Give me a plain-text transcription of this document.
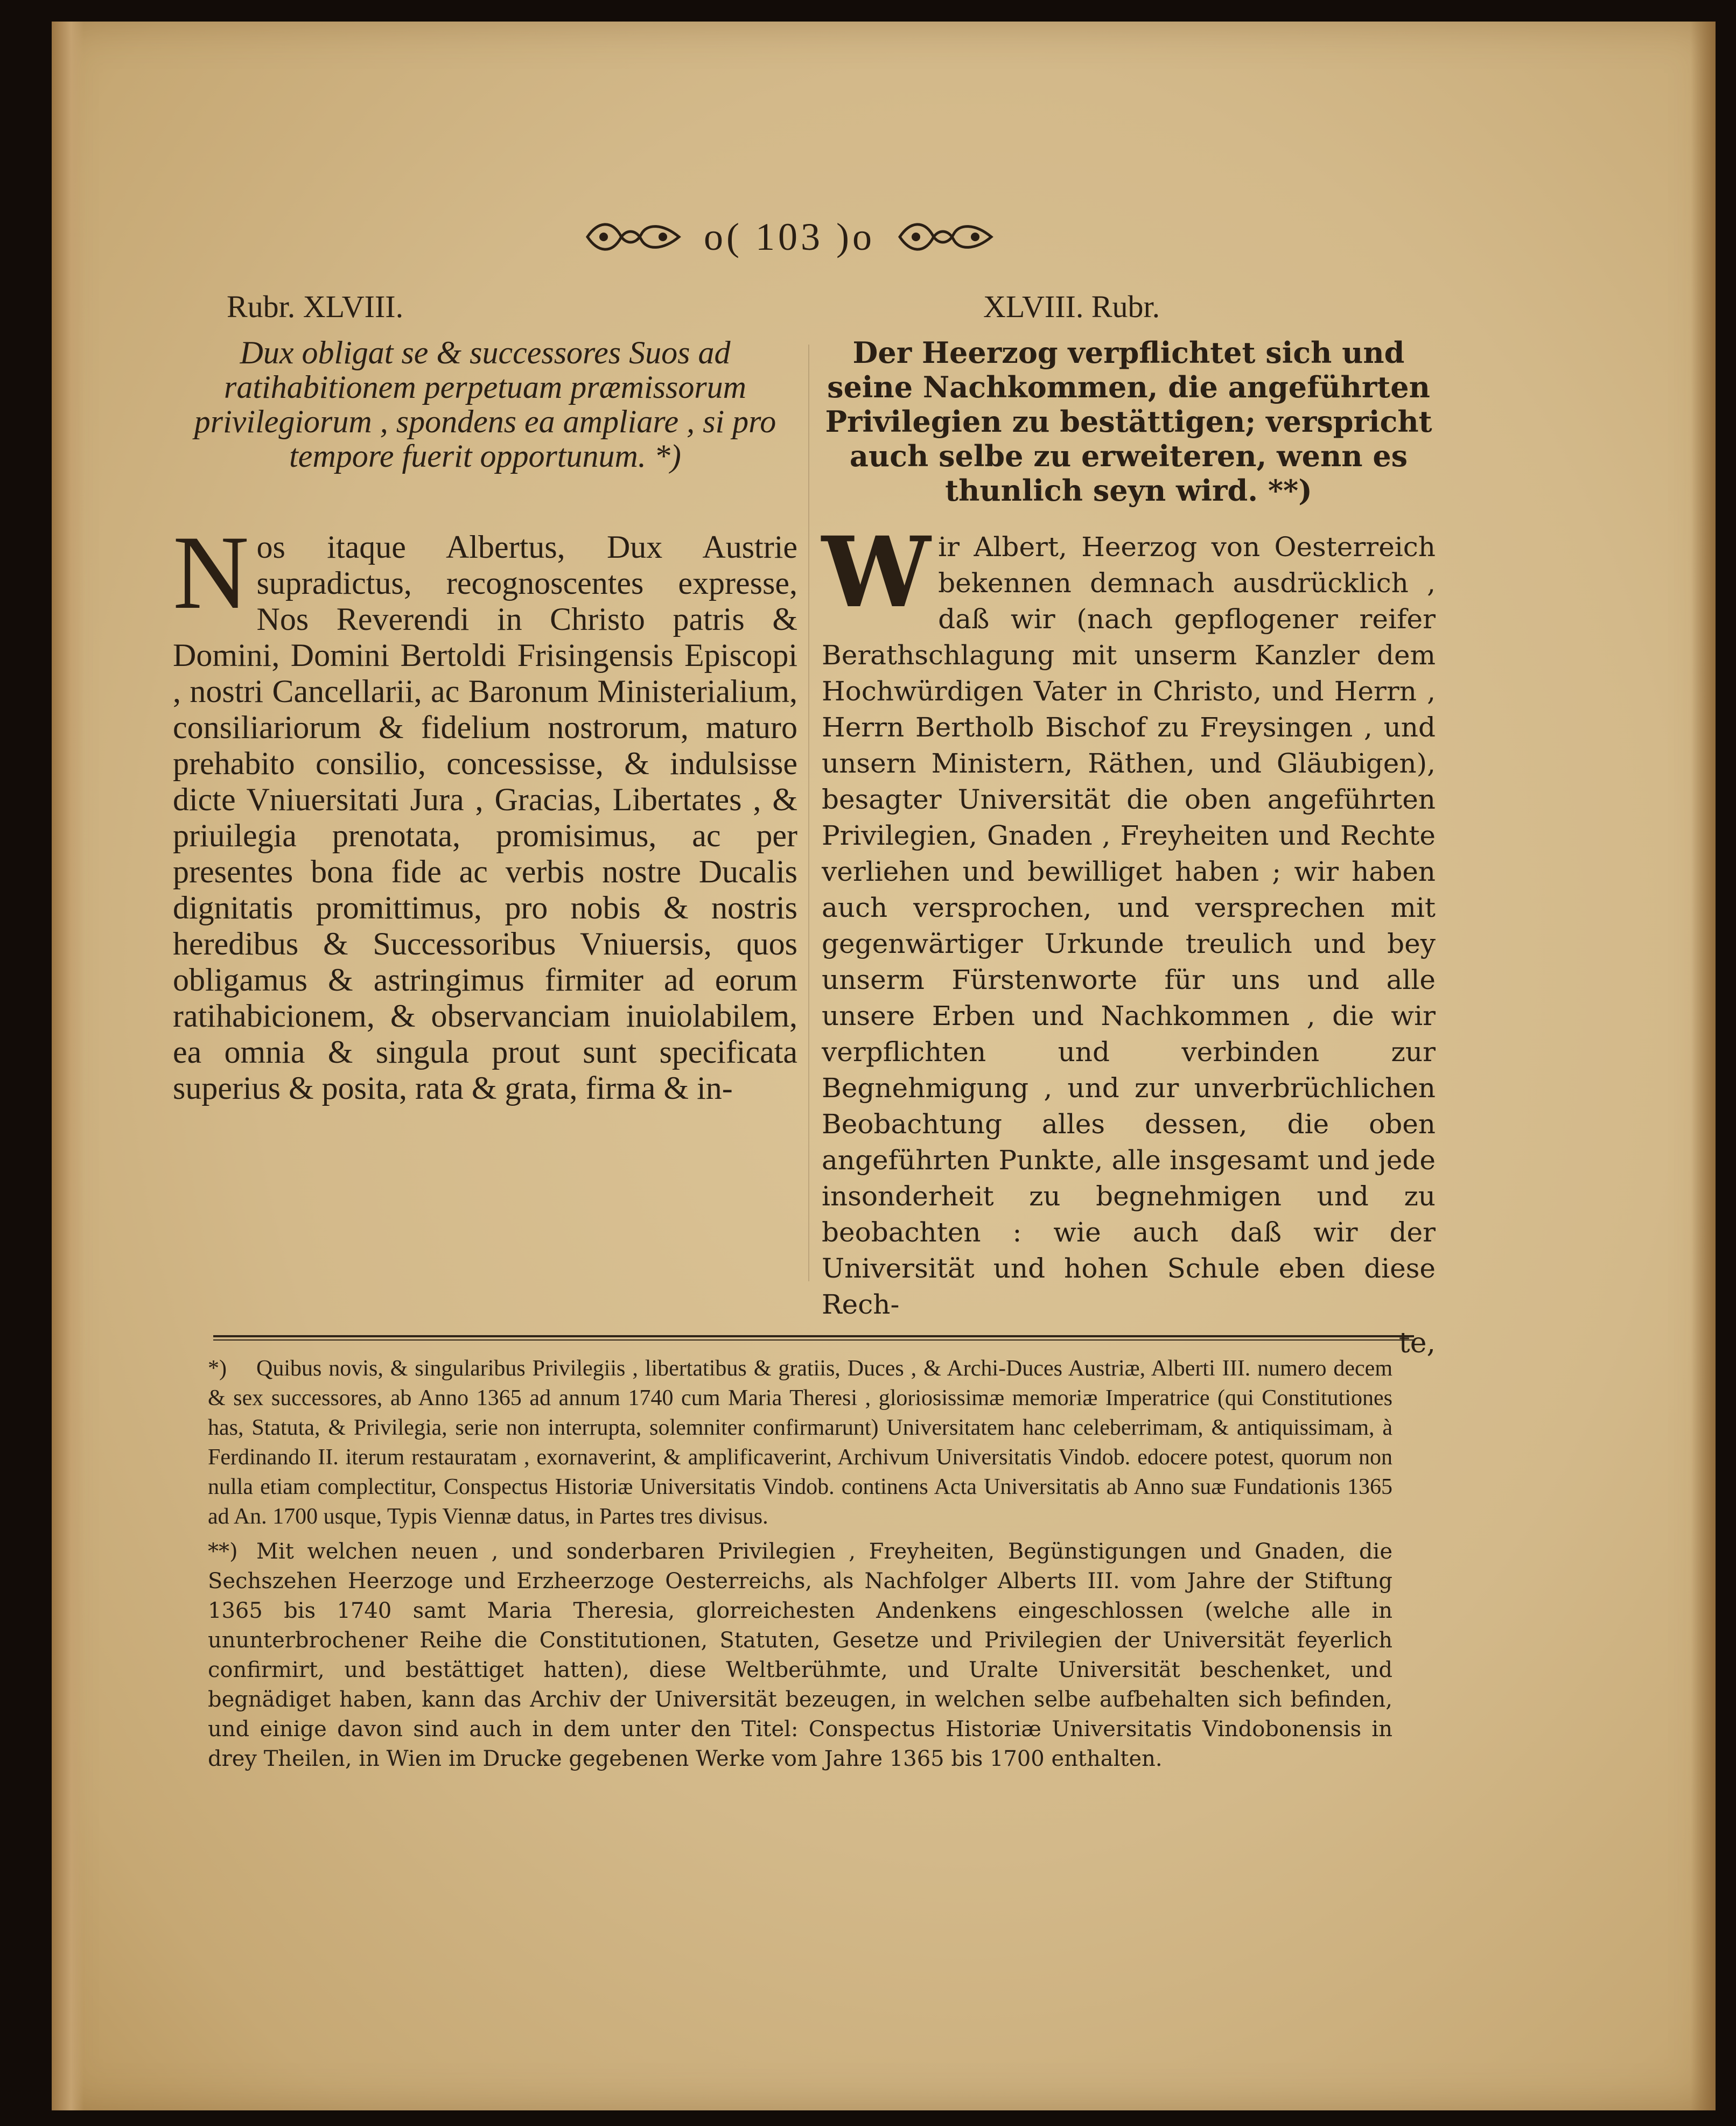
o( 103 )o

Rubr. XLVIII.

Dux obligat se & successores Suos ad ratihabitionem perpetuam præmissorum privilegiorum , spondens ea ampliare , si pro tempore fuerit opportunum. *)

Nos itaque Albertus, Dux Austrie supradictus, recognoscentes expresse, Nos Reverendi in Christo patris & Domini, Domini Bertoldi Frisingensis Episcopi , nostri Cancellarii, ac Baronum Ministerialium, consiliariorum & fidelium nostrorum, maturo prehabito consilio, concessisse, & indulsisse dicte Vniuersitati Jura , Gracias, Libertates , & priuilegia prenotata, promisimus, ac per presentes bona fide ac verbis nostre Ducalis dignitatis promittimus, pro nobis & nostris heredibus & Successoribus Vniuersis, quos obligamus & astringimus firmiter ad eorum ratihabicionem, & observanciam inuiolabilem, ea omnia & singula prout sunt specificata superius & posita, rata & grata, firma & in-

XLVIII. Rubr.

Der Heerzog verpflichtet sich und seine Nachkommen, die angeführten Privilegien zu bestättigen; verspricht auch selbe zu erweiteren, wenn es thunlich seyn wird. **)

Wir Albert, Heerzog von Oesterreich bekennen demnach ausdrücklich , daß wir (nach gepflogener reifer Berathschlagung mit unserm Kanzler dem Hochwürdigen Vater in Christo, und Herrn , Herrn Bertholb Bischof zu Freysingen , und unsern Ministern, Räthen, und Gläubigen), besagter Universität die oben angeführten Privilegien, Gnaden , Freyheiten und Rechte verliehen und bewilliget haben ; wir haben auch versprochen, und versprechen mit gegenwärtiger Urkunde treulich und bey unserm Fürstenworte für uns und alle unsere Erben und Nachkommen , die wir verpflichten und verbinden zur Begnehmigung , und zur unverbrüchlichen Beobachtung alles dessen, die oben angeführten Punkte, alle insgesamt und jede insonderheit zu begnehmigen und zu beobachten : wie auch daß wir der Universität und hohen Schule eben diese Rech-

te,

*) Quibus novis, & singularibus Privilegiis , libertatibus & gratiis, Duces , & Archi-Duces Austriæ, Alberti III. numero decem & sex successores, ab Anno 1365 ad annum 1740 cum Maria Theresi , gloriosissimæ memoriæ Imperatrice (qui Constitutiones has, Statuta, & Privilegia, serie non interrupta, solemniter confirmarunt) Universitatem hanc celeberrimam, & antiquissimam, à Ferdinando II. iterum restauratam , exornaverint, & amplificaverint, Archivum Universitatis Vindob. edocere potest, quorum non nulla etiam complectitur, Conspectus Historiæ Universitatis Vindob. continens Acta Universitatis ab Anno suæ Fundationis 1365 ad An. 1700 usque, Typis Viennæ datus, in Partes tres divisus.

**) Mit welchen neuen , und sonderbaren Privilegien , Freyheiten, Begünstigungen und Gnaden, die Sechszehen Heerzoge und Erzheerzoge Oesterreichs, als Nachfolger Alberts III. vom Jahre der Stiftung 1365 bis 1740 samt Maria Theresia, glorreichesten Andenkens eingeschlossen (welche alle in ununterbrochener Reihe die Constitutionen, Statuten, Gesetze und Privilegien der Universität feyerlich confirmirt, und bestättiget hatten), diese Weltberühmte, und Uralte Universität beschenket, und begnädiget haben, kann das Archiv der Universität bezeugen, in welchen selbe aufbehalten sich befinden, und einige davon sind auch in dem unter den Titel: Conspectus Historiæ Universitatis Vindobonensis in drey Theilen, in Wien im Drucke gegebenen Werke vom Jahre 1365 bis 1700 enthalten.
